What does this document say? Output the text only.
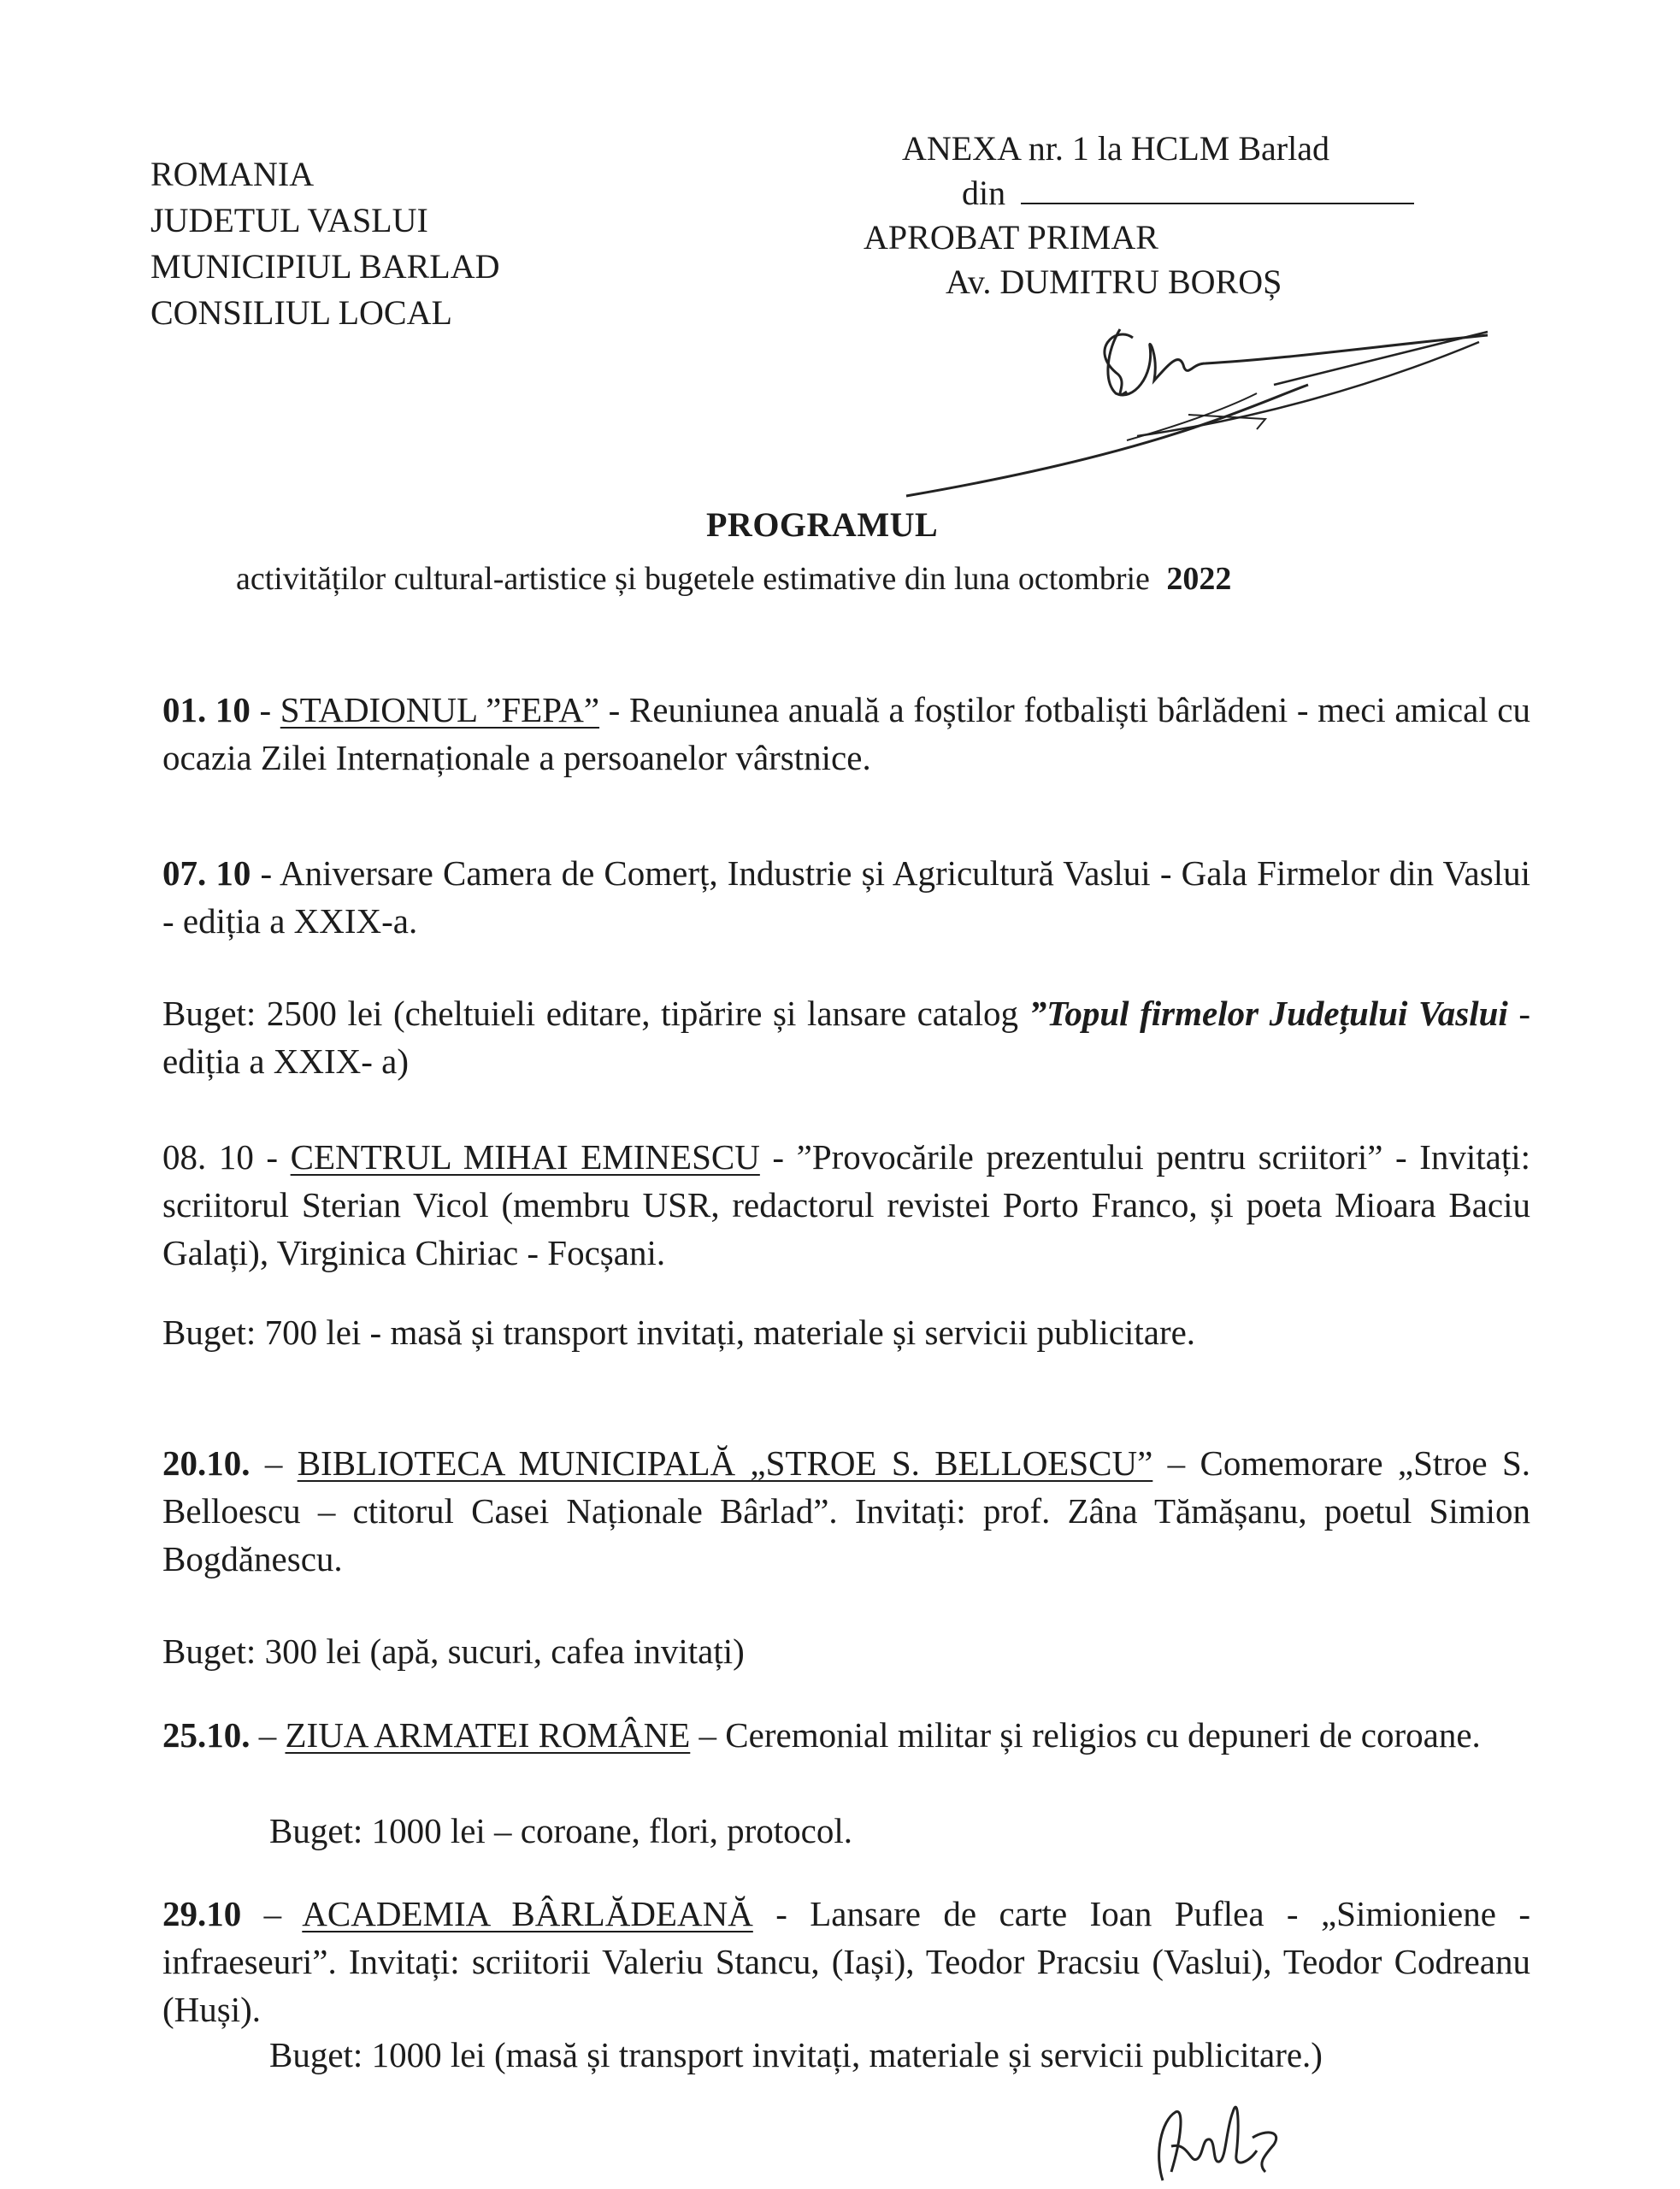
ROMANIA
JUDETUL VASLUI
MUNICIPIUL BARLAD
CONSILIUL LOCAL
ANEXA nr. 1 la HCLM Barlad
din
APROBAT PRIMAR
Av. DUMITRU BOROȘ
PROGRAMUL
activităților cultural-artistice și bugetele estimative din luna octombrie 2022
01. 10 - STADIONUL ”FEPA” - Reuniunea anuală a foștilor fotbaliști bârlădeni - meci amical cu ocazia Zilei Internaționale a persoanelor vârstnice.
07. 10 - Aniversare Camera de Comerț, Industrie și Agricultură Vaslui - Gala Firmelor din Vaslui - ediția a XXIX-a.
Buget: 2500 lei (cheltuieli editare, tipărire și lansare catalog ”Topul firmelor Județului Vaslui - ediția a XXIX- a)
08. 10 - CENTRUL MIHAI EMINESCU - ”Provocările prezentului pentru scriitori” - Invitați: scriitorul Sterian Vicol (membru USR, redactorul revistei Porto Franco, și poeta Mioara Baciu Galați), Virginica Chiriac - Focșani.
Buget: 700 lei - masă și transport invitați, materiale și servicii publicitare.
20.10. – BIBLIOTECA MUNICIPALĂ „STROE S. BELLOESCU” – Comemorare „Stroe S. Belloescu – ctitorul Casei Naționale Bârlad”. Invitați: prof. Zâna Tămășanu, poetul Simion Bogdănescu.
Buget: 300 lei (apă, sucuri, cafea invitați)
25.10. – ZIUA ARMATEI ROMÂNE – Ceremonial militar și religios cu depuneri de coroane.
Buget: 1000 lei – coroane, flori, protocol.
29.10 – ACADEMIA BÂRLĂDEANĂ - Lansare de carte Ioan Puflea - „Simioniene - infraeseuri”. Invitați: scriitorii Valeriu Stancu, (Iași), Teodor Pracsiu (Vaslui), Teodor Codreanu (Huși).
Buget: 1000 lei (masă și transport invitați, materiale și servicii publicitare.)
